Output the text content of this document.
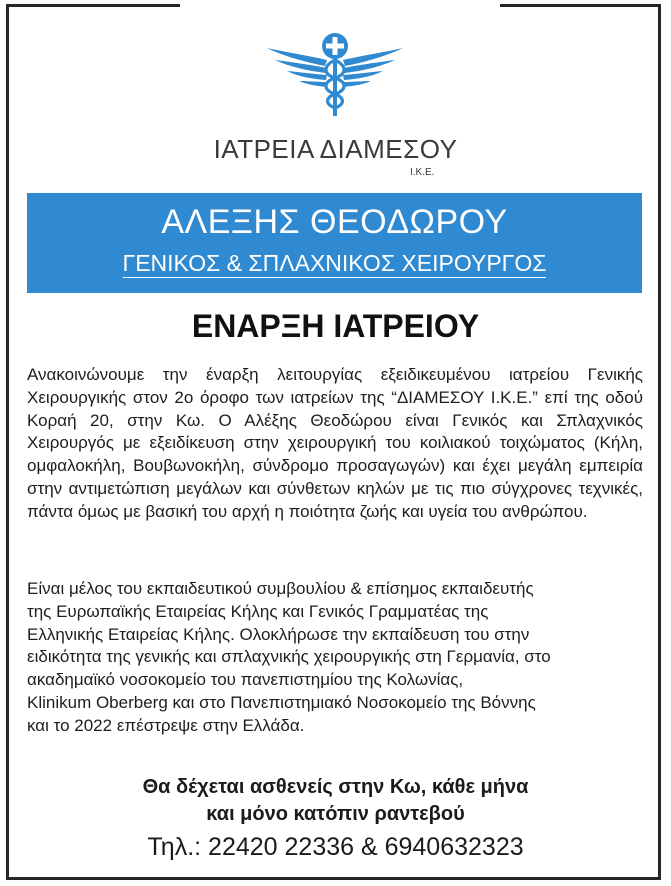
ΙΑΤΡΕΙΑ ΔΙΑΜΕΣΟΥ
Ι.Κ.Ε.
ΑΛΕΞΗΣ ΘΕΟΔΩΡΟΥ
ΓΕΝΙΚΟΣ & ΣΠΛΑΧΝΙΚΟΣ ΧΕΙΡΟΥΡΓΟΣ
ΕΝΑΡΞΗ ΙΑΤΡΕΙΟΥ
Ανακοινώνουμε την έναρξη λειτουργίας εξειδικευμένου ιατρείου Γενικής Χειρουργικής στον 2ο όροφο των ιατρείων της “ΔΙΑΜΕΣΟΥ Ι.Κ.Ε.” επί της οδού Κοραή 20, στην Κω. Ο Αλέξης Θεοδώρου είναι Γενικός και Σπλαχνικός Χειρουργός με εξειδίκευση στην χειρουργική του κοιλιακού τοιχώματος (Κήλη, ομφαλοκήλη, Βουβωνοκήλη, σύνδρομο προσαγωγών) και έχει μεγάλη εμπειρία στην αντιμετώπιση μεγάλων και σύνθετων κηλών με τις πιο σύγχρονες τεχνικές, πάντα όμως με βασική του αρχή η ποιότητα ζωής και υγεία του ανθρώπου.
Είναι μέλος του εκπαιδευτικού συμβουλίου & επίσημος εκπαιδευτής
της Ευρωπαϊκής Εταιρείας Κήλης και Γενικός Γραμματέας της
Ελληνικής Εταιρείας Κήλης. Ολοκλήρωσε την εκπαίδευση του στην
ειδικότητα της γενικής και σπλαχνικής χειρουργικής στη Γερμανία, στο
ακαδημαϊκό νοσοκομείο του πανεπιστημίου της Κολωνίας,
Klinikum Oberberg και στο Πανεπιστημιακό Νοσοκομείο της Βόννης
και το 2022 επέστρεψε στην Ελλάδα.
Θα δέχεται ασθενείς στην Κω, κάθε μήνα
και μόνο κατόπιν ραντεβού
Τηλ.: 22420 22336 & 6940632323
